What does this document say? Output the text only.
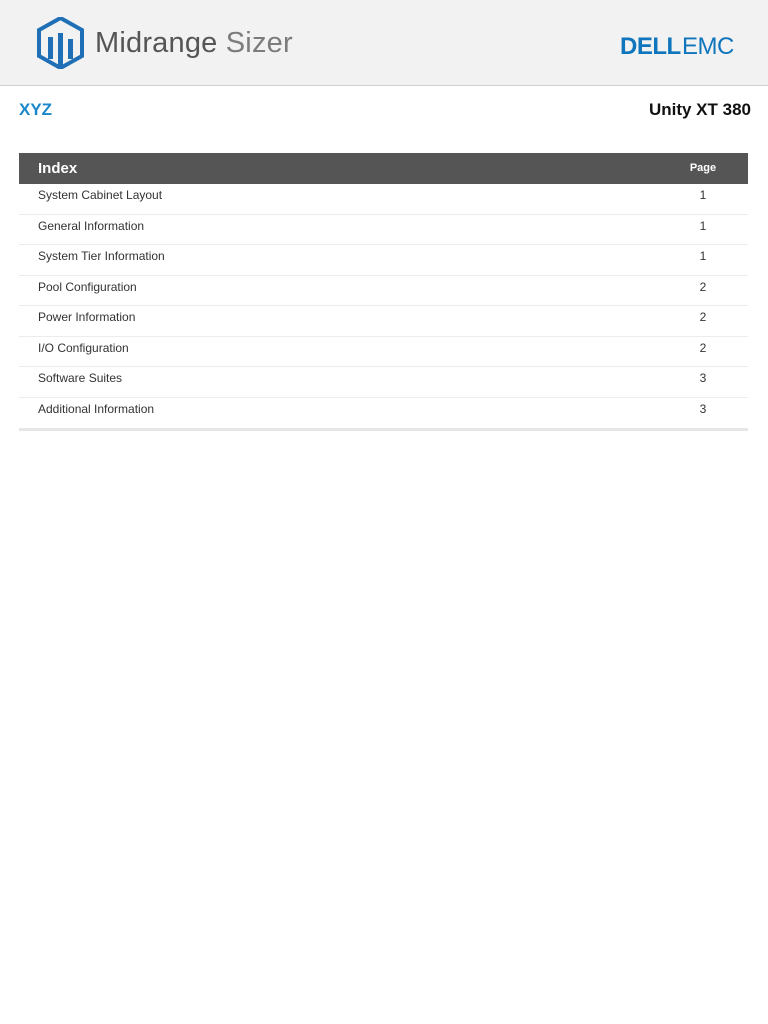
Midrange Sizer	DELL EMC
XYZ	Unity XT 380
Index	Page
System Cabinet Layout	1
General Information	1
System Tier Information	1
Pool Configuration	2
Power Information	2
I/O Configuration	2
Software Suites	3
Additional Information	3
